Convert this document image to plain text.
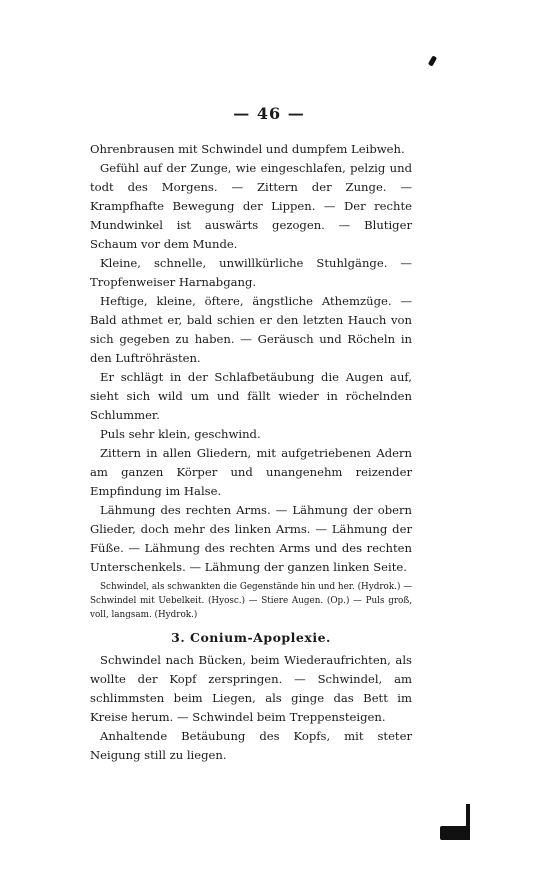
— 46 —

Ohrenbrausen mit Schwindel und dumpfem Leibweh.

Gefühl auf der Zunge, wie eingeschlafen, pelzig und todt des Morgens. — Zittern der Zunge. — Krampfhafte Bewegung der Lippen. — Der rechte Mundwinkel ist auswärts gezogen. — Blutiger Schaum vor dem Munde.

Kleine, schnelle, unwillkürliche Stuhlgänge. — Tropfenweiser Harnabgang.

Heftige, kleine, öftere, ängstliche Athemzüge. — Bald athmet er, bald schien er den letzten Hauch von sich gegeben zu haben. — Geräusch und Röcheln in den Luftröhrästen.

Er schlägt in der Schlafbetäubung die Augen auf, sieht sich wild um und fällt wieder in röchelnden Schlummer.

Puls sehr klein, geschwind.

Zittern in allen Gliedern, mit aufgetriebenen Adern am ganzen Körper und unangenehm reizender Empfindung im Halse.

Lähmung des rechten Arms. — Lähmung der obern Glieder, doch mehr des linken Arms. — Lähmung der Füße. — Lähmung des rechten Arms und des rechten Unterschenkels. — Lähmung der ganzen linken Seite.

Schwindel, als schwankten die Gegenstände hin und her. (Hydrok.) — Schwindel mit Uebelkeit. (Hyosc.) — Stiere Augen. (Op.) — Puls groß, voll, langsam. (Hydrok.)

3. Conium-Apoplexie.

Schwindel nach Bücken, beim Wiederaufrichten, als wollte der Kopf zerspringen. — Schwindel, am schlimmsten beim Liegen, als ginge das Bett im Kreise herum. — Schwindel beim Treppensteigen.

Anhaltende Betäubung des Kopfs, mit steter Neigung still zu liegen.
